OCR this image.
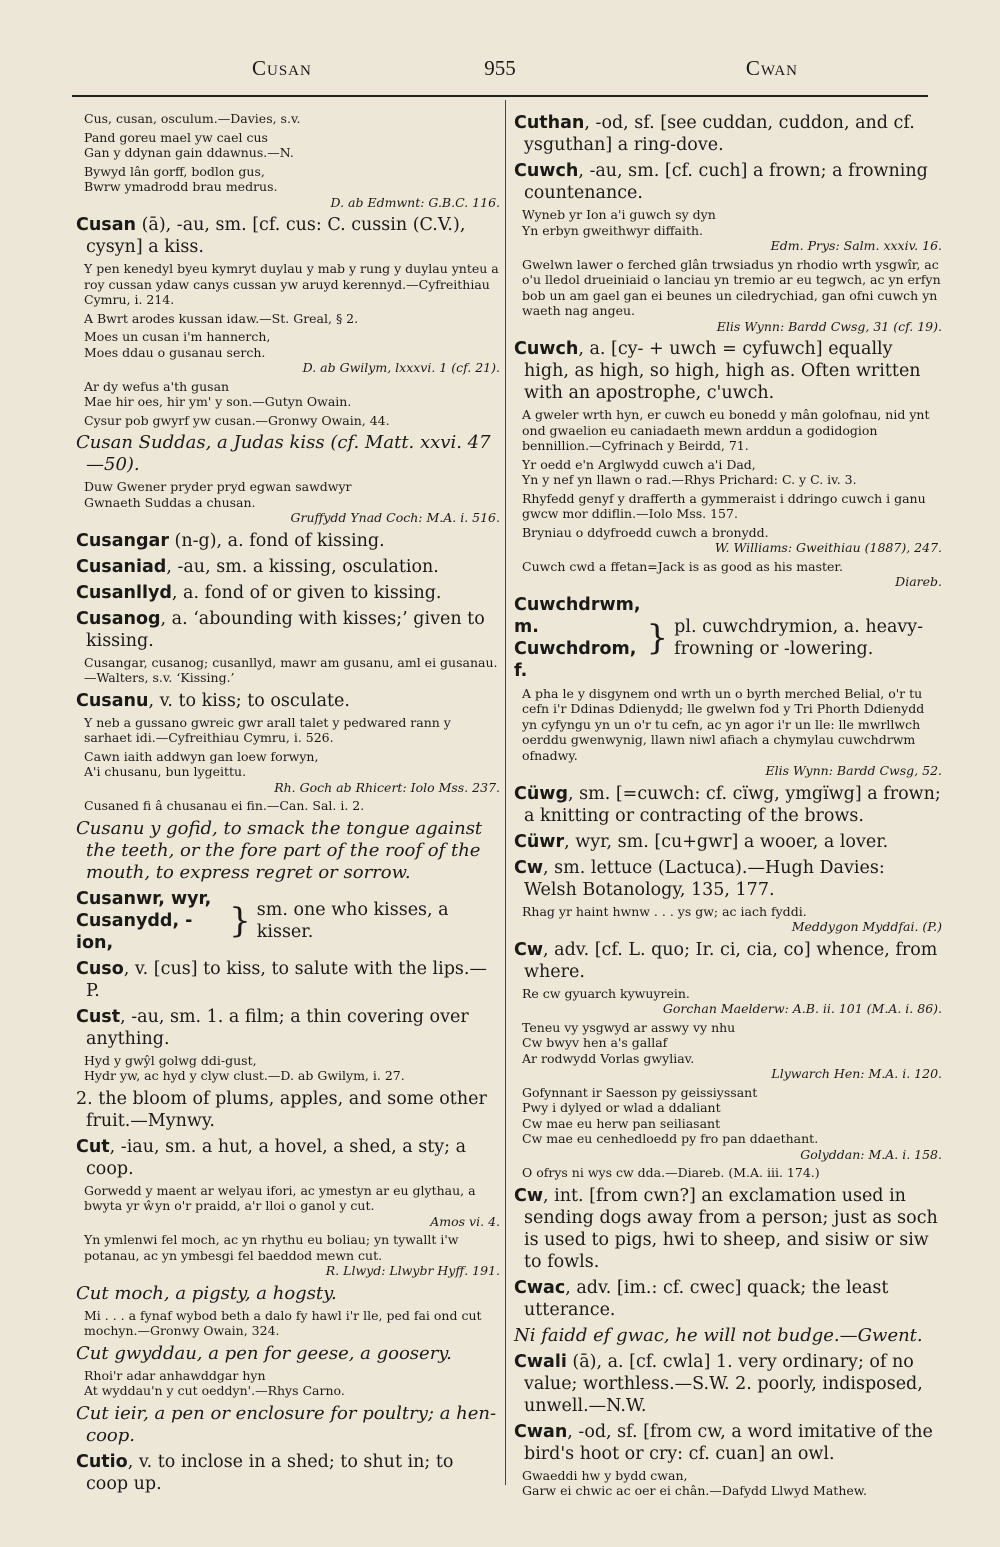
Cusan	955	Cwan
Cus, cusan, osculum.—Davies, s.v.
Pand goreu mael yw cael cus
Gan y ddynan gain ddawnus.—N.
Bywyd lân gorff, bodlon gus,
Bwrw ymadrodd brau medrus.
D. ab Edmwnt: G.B.C. 116.
Cusan (ā), -au, sm. [cf. cus: C. cussin (C.V.), cysyn] a kiss.
Y pen kenedyl byeu kymryt duylau y mab y rung y duylau ynteu a roy cussan ydaw canys cussan yw aruyd kerennyd.—Cyfreithiau Cymru, i. 214.
A Bwrt arodes kussan idaw.—St. Greal, § 2.
Moes un cusan i'm hannerch,
Moes ddau o gusanau serch.
D. ab Gwilym, lxxxvi. 1 (cf. 21).
Ar dy wefus a'th gusan
Mae hir oes, hir ym' y son.—Gutyn Owain.
Cysur pob gwyrf yw cusan.—Gronwy Owain, 44.
Cusan Suddas, a Judas kiss (cf. Matt. xxvi. 47 —50).
Duw Gwener pryder pryd egwan sawdwyr
Gwnaeth Suddas a chusan.
Gruffydd Ynad Coch: M.A. i. 516.
Cusangar (n-g), a. fond of kissing.
Cusaniad, -au, sm. a kissing, osculation.
Cusanllyd, a. fond of or given to kissing.
Cusanog, a. ‘abounding with kisses;’ given to kissing.
Cusangar, cusanog; cusanllyd, mawr am gusanu, aml ei gusanau.—Walters, s.v. ‘Kissing.’
Cusanu, v. to kiss; to osculate.
Y neb a gussano gwreic gwr arall talet y pedwared rann y sarhaet idi.—Cyfreithiau Cymru, i. 526.
Cawn iaith addwyn gan loew forwyn,
A'i chusanu, bun lygeittu.
Rh. Goch ab Rhicert: Iolo Mss. 237.
Cusaned fi â chusanau ei fin.—Can. Sal. i. 2.
Cusanu y gofid, to smack the tongue against the teeth, or the fore part of the roof of the mouth, to express regret or sorrow.
Cusanwr, wyr,
Cusanydd, -ion,
} sm. one who kisses, a kisser.
Cuso, v. [cus] to kiss, to salute with the lips.— P.
Cust, -au, sm. 1. a film; a thin covering over anything.
Hyd y gwŷl golwg ddi-gust,
Hydr yw, ac hyd y clyw clust.—D. ab Gwilym, i. 27.
2. the bloom of plums, apples, and some other fruit.—Mynwy.
Cut, -iau, sm. a hut, a hovel, a shed, a sty; a coop.
Gorwedd y maent ar welyau ifori, ac ymestyn ar eu glythau, a bwyta yr ŵyn o'r praidd, a'r lloi o ganol y cut.
Amos vi. 4.
Yn ymlenwi fel moch, ac yn rhythu eu boliau; yn tywallt i'w potanau, ac yn ymbesgi fel baeddod mewn cut.
R. Llwyd: Llwybr Hyff. 191.
Cut moch, a pigsty, a hogsty.
Mi . . . a fynaf wybod beth a dalo fy hawl i'r lle, ped fai ond cut mochyn.—Gronwy Owain, 324.
Cut gwyddau, a pen for geese, a goosery.
Rhoi'r adar anhawddgar hyn
At wyddau'n y cut oeddyn'.—Rhys Carno.
Cut ieir, a pen or enclosure for poultry; a hen-coop.
Cutio, v. to inclose in a shed; to shut in; to coop up.
Cuthan, -od, sf. [see cuddan, cuddon, and cf. ysguthan] a ring-dove.
Cuwch, -au, sm. [cf. cuch] a frown; a frowning countenance.
Wyneb yr Ion a'i guwch sy dyn
Yn erbyn gweithwyr diffaith.
Edm. Prys: Salm. xxxiv. 16.
Gwelwn lawer o ferched glân trwsiadus yn rhodio wrth ysgwîr, ac o'u lledol drueiniaid o lanciau yn tremio ar eu tegwch, ac yn erfyn bob un am gael gan ei beunes un ciledrychiad, gan ofni cuwch yn waeth nag angeu.
Elis Wynn: Bardd Cwsg, 31 (cf. 19).
Cuwch, a. [cy- + uwch = cyfuwch] equally high, as high, so high, high as. Often written with an apostrophe, c'uwch.
A gweler wrth hyn, er cuwch eu bonedd y mân golofnau, nid ynt ond gwaelion eu caniadaeth mewn arddun a godidogion bennillion.—Cyfrinach y Beirdd, 71.
Yr oedd e'n Arglwydd cuwch a'i Dad,
Yn y nef yn llawn o rad.—Rhys Prichard: C. y C. iv. 3.
Rhyfedd genyf y drafferth a gymmeraist i ddringo cuwch i ganu gwcw mor ddiflin.—Iolo Mss. 157.
Bryniau o ddyfroedd cuwch a bronydd.
W. Williams: Gweithiau (1887), 247.
Cuwch cwd a ffetan=Jack is as good as his master.
Diareb.
Cuwchdrwm, m.
Cuwchdrom, f.
} pl. cuwchdrymion, a. heavy-frowning or -lowering.
A pha le y disgynem ond wrth un o byrth merched Belial, o'r tu cefn i'r Ddinas Ddienydd; lle gwelwn fod y Tri Phorth Ddienydd yn cyfyngu yn un o'r tu cefn, ac yn agor i'r un lle: lle mwrllwch oerddu gwenwynig, llawn niwl afiach a chymylau cuwchdrwm ofnadwy.
Elis Wynn: Bardd Cwsg, 52.
Cüwg, sm. [=cuwch: cf. cïwg, ymgïwg] a frown; a knitting or contracting of the brows.
Cüwr, wyr, sm. [cu+gwr] a wooer, a lover.
Cw, sm. lettuce (Lactuca).—Hugh Davies: Welsh Botanology, 135, 177.
Rhag yr haint hwnw . . . ys gw; ac iach fyddi.
Meddygon Myddfai. (P.)
Cw, adv. [cf. L. quo; Ir. ci, cia, co] whence, from where.
Re cw gyuarch kywuyrein.
Gorchan Maelderw: A.B. ii. 101 (M.A. i. 86).
Teneu vy ysgwyd ar asswy vy nhu
Cw bwyv hen a's gallaf
Ar rodwydd Vorlas gwyliav.
Llywarch Hen: M.A. i. 120.
Gofynnant ir Saesson py geissiyssant
Pwy i dylyed or wlad a ddaliant
Cw mae eu herw pan seiliasant
Cw mae eu cenhedloedd py fro pan ddaethant.
Golyddan: M.A. i. 158.
O ofrys ni wys cw dda.—Diareb. (M.A. iii. 174.)
Cw, int. [from cwn?] an exclamation used in sending dogs away from a person; just as soch is used to pigs, hwi to sheep, and sisiw or siw to fowls.
Cwac, adv. [im.: cf. cwec] quack; the least utterance.
Ni faidd ef gwac, he will not budge.—Gwent.
Cwali (ā), a. [cf. cwla] 1. very ordinary; of no value; worthless.—S.W. 2. poorly, indisposed, unwell.—N.W.
Cwan, -od, sf. [from cw, a word imitative of the bird's hoot or cry: cf. cuan] an owl.
Gwaeddi hw y bydd cwan,
Garw ei chwic ac oer ei chân.—Dafydd Llwyd Mathew.
